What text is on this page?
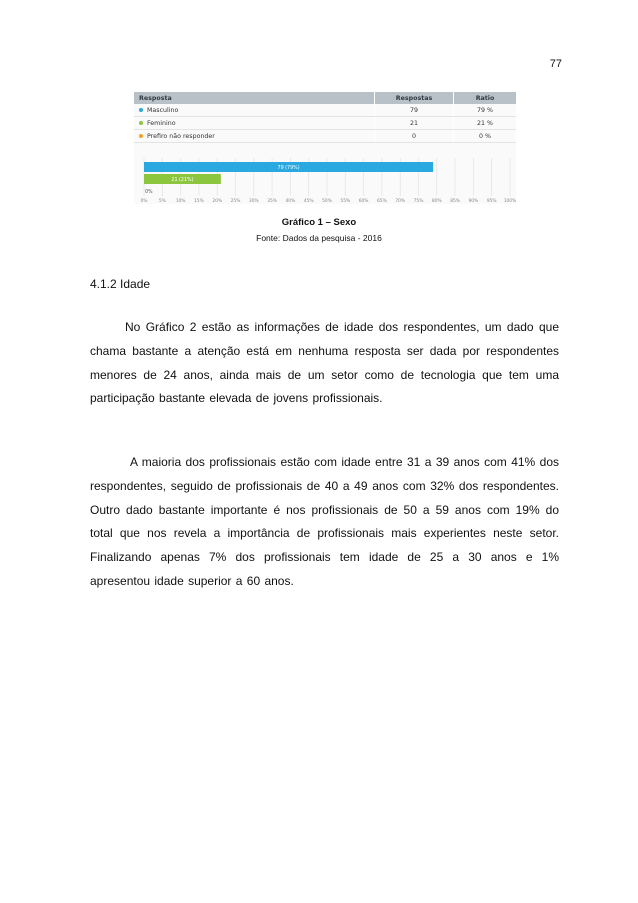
77
Resposta	Respostas	Ratio
Masculino	79	79 %
Feminino	21	21 %
Prefiro não responder	0	0 %
0%	5% 10% 15% 20% 25% 30% 35% 40% 45% 50% 55% 60% 65% 70% 75% 80% 85% 90% 95% 100%
79 (79%)
21 (21%)
0%
Gráfico 1 – Sexo
Fonte: Dados da pesquisa - 2016
4.1.2 Idade

No Gráfico 2 estão as informações de idade dos respondentes, um dado que chama bastante a atenção está em nenhuma resposta ser dada por respondentes menores de 24 anos, ainda mais de um setor como de tecnologia que tem uma participação bastante elevada de jovens profissionais.

A maioria dos profissionais estão com idade entre 31 a 39 anos com 41% dos respondentes, seguido de profissionais de 40 a 49 anos com 32% dos respondentes. Outro dado bastante importante é nos profissionais de 50 a 59 anos com 19% do total que nos revela a importância de profissionais mais experientes neste setor. Finalizando apenas 7% dos profissionais tem idade de 25 a 30 anos e 1% apresentou idade superior a 60 anos.
